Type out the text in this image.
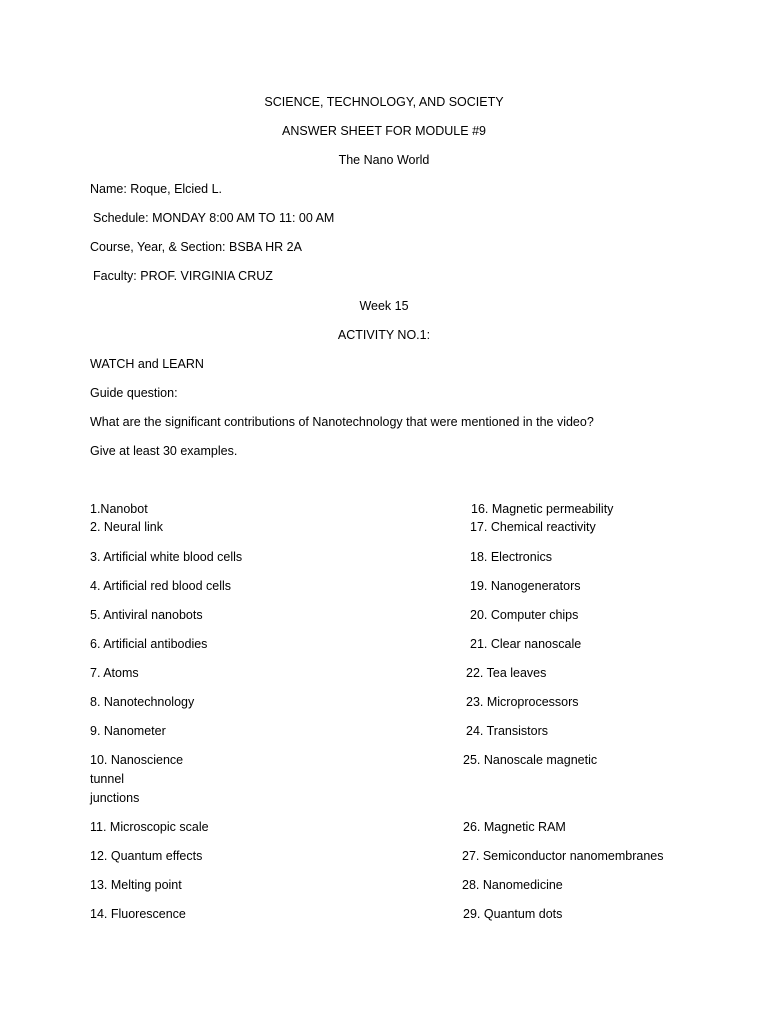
SCIENCE, TECHNOLOGY, AND SOCIETY
ANSWER SHEET FOR MODULE #9
The Nano World
Name: Roque, Elcied L.
Schedule: MONDAY 8:00 AM TO 11: 00 AM
Course, Year, & Section: BSBA HR 2A
Faculty: PROF. VIRGINIA CRUZ
Week 15
ACTIVITY NO.1:
WATCH and LEARN
Guide question:
What are the significant contributions of Nanotechnology that were mentioned in the video?
Give at least 30 examples.
1.Nanobot
2. Neural link
3. Artificial white blood cells
4. Artificial red blood cells
5. Antiviral nanobots
6. Artificial antibodies
7. Atoms
8. Nanotechnology
9. Nanometer
10. Nanoscience
tunnel
junctions
11. Microscopic scale
12. Quantum effects
13. Melting point
14. Fluorescence
16. Magnetic permeability
17. Chemical reactivity
18. Electronics
19. Nanogenerators
20. Computer chips
21. Clear nanoscale
22. Tea leaves
23. Microprocessors
24. Transistors
25. Nanoscale magnetic
26. Magnetic RAM
27. Semiconductor nanomembranes
28. Nanomedicine
29. Quantum dots
